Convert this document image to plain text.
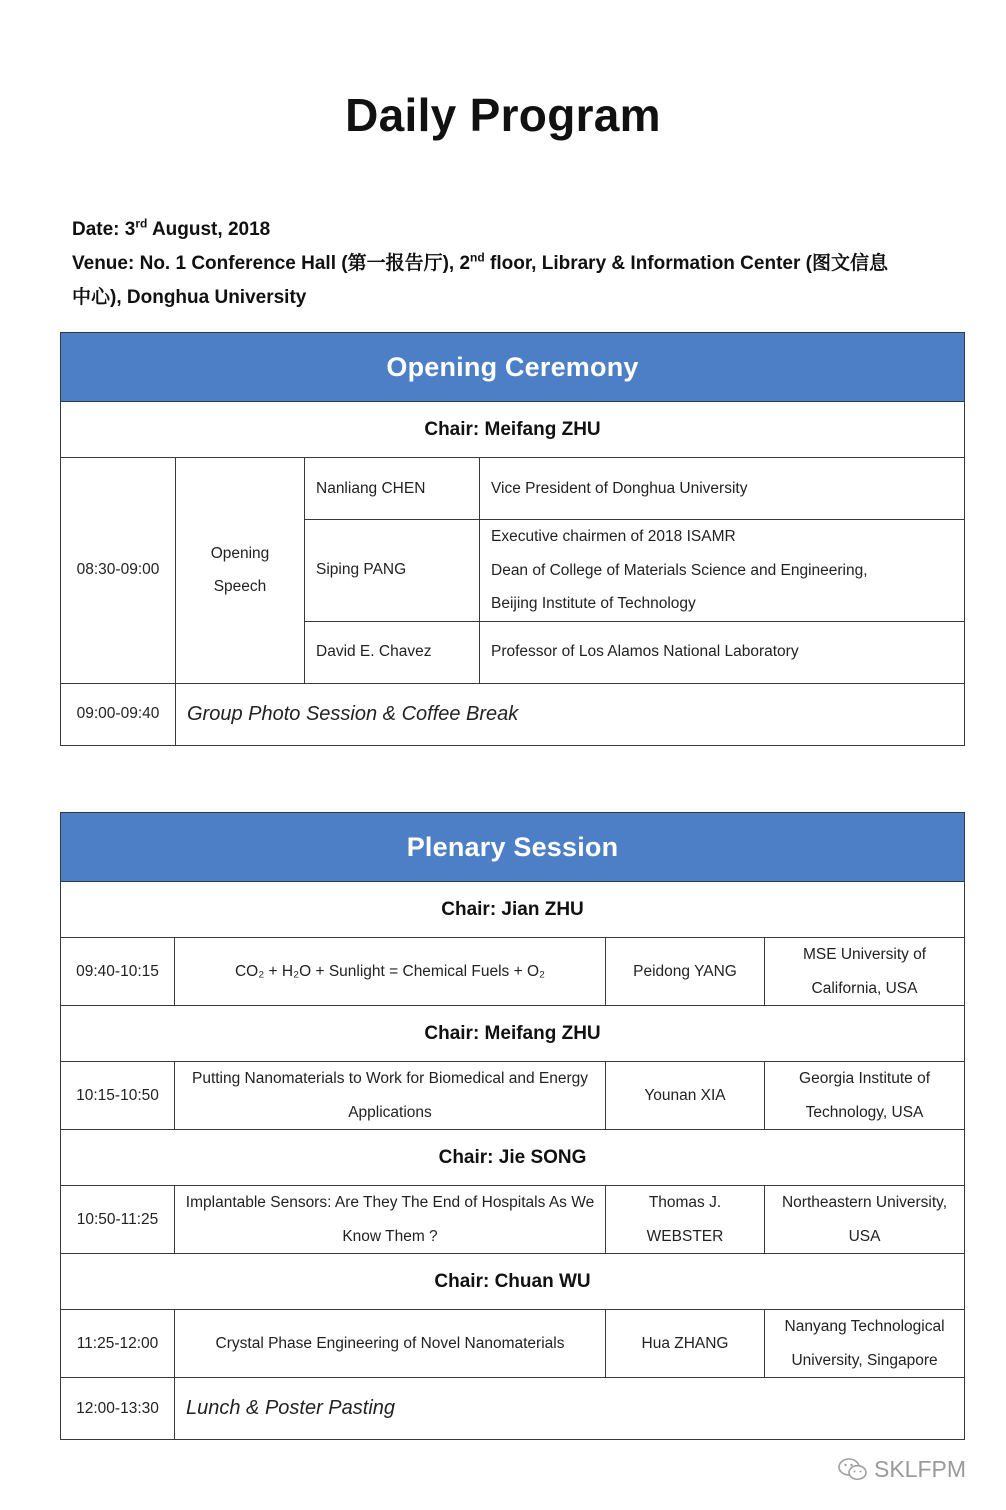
Daily Program
Date: 3rd August, 2018
Venue: No. 1 Conference Hall (第一报告厅), 2nd floor, Library & Information Center (图文信息
中心), Donghua University
Opening Ceremony			
Chair: Meifang ZHU			
08:30-09:00	Opening
Speech	Nanliang CHEN	Vice President of Donghua University
		Siping PANG	Executive chairmen of 2018 ISAMR
Dean of College of Materials Science and Engineering,
Beijing Institute of Technology

		David E. Chavez	Professor of Los Alamos National Laboratory
09:00-09:40	Group Photo Session & Coffee Break		
Plenary Session			
Chair: Jian ZHU			
09:40-10:15	CO₂ + H₂O + Sunlight = Chemical Fuels + O₂	Peidong YANG	MSE University of
California, USA

Chair: Meifang ZHU			
10:15-10:50	Putting Nanomaterials to Work for Biomedical and Energy
Applications	Younan XIA	Georgia Institute of
Technology, USA

Chair: Jie SONG			
10:50-11:25	Implantable Sensors: Are They The End of Hospitals As We
Know Them ?	Thomas J.
WEBSTER	Northeastern University,
USA

Chair: Chuan WU			
11:25-12:00	Crystal Phase Engineering of Novel Nanomaterials	Hua ZHANG	Nanyang Technological
University, Singapore

12:00-13:30	Lunch & Poster Pasting		
SKLFPM
